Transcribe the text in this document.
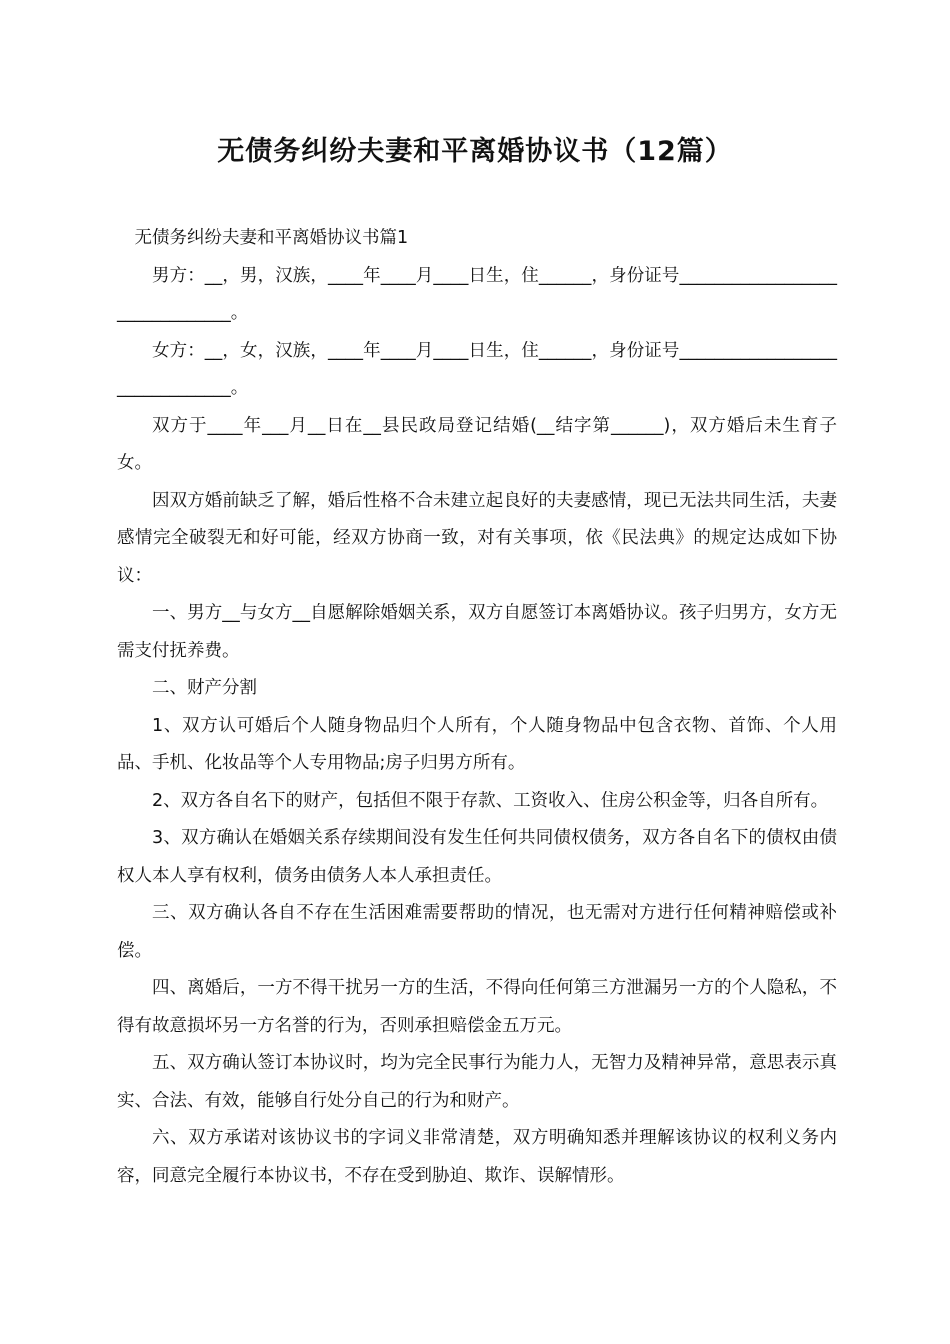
无债务纠纷夫妻和平离婚协议书（12篇）

无债务纠纷夫妻和平离婚协议书篇1

男方：__，男，汉族，____年____月____日生，住______，身份证号_______________________________。

女方：__，女，汉族，____年____月____日生，住______，身份证号_______________________________。

双方于____年___月__日在__县民政局登记结婚(__结字第______)，双方婚后未生育子女。

因双方婚前缺乏了解，婚后性格不合未建立起良好的夫妻感情，现已无法共同生活，夫妻感情完全破裂无和好可能，经双方协商一致，对有关事项，依《民法典》的规定达成如下协议：

一、男方__与女方__自愿解除婚姻关系，双方自愿签订本离婚协议。孩子归男方，女方无需支付抚养费。

二、财产分割

1、双方认可婚后个人随身物品归个人所有，个人随身物品中包含衣物、首饰、个人用品、手机、化妆品等个人专用物品;房子归男方所有。

2、双方各自名下的财产，包括但不限于存款、工资收入、住房公积金等，归各自所有。

3、双方确认在婚姻关系存续期间没有发生任何共同债权债务，双方各自名下的债权由债权人本人享有权利，债务由债务人本人承担责任。

三、双方确认各自不存在生活困难需要帮助的情况，也无需对方进行任何精神赔偿或补偿。

四、离婚后，一方不得干扰另一方的生活，不得向任何第三方泄漏另一方的个人隐私，不得有故意损坏另一方名誉的行为，否则承担赔偿金五万元。

五、双方确认签订本协议时，均为完全民事行为能力人，无智力及精神异常，意思表示真实、合法、有效，能够自行处分自己的行为和财产。

六、双方承诺对该协议书的字词义非常清楚，双方明确知悉并理解该协议的权利义务内容，同意完全履行本协议书，不存在受到胁迫、欺诈、误解情形。
